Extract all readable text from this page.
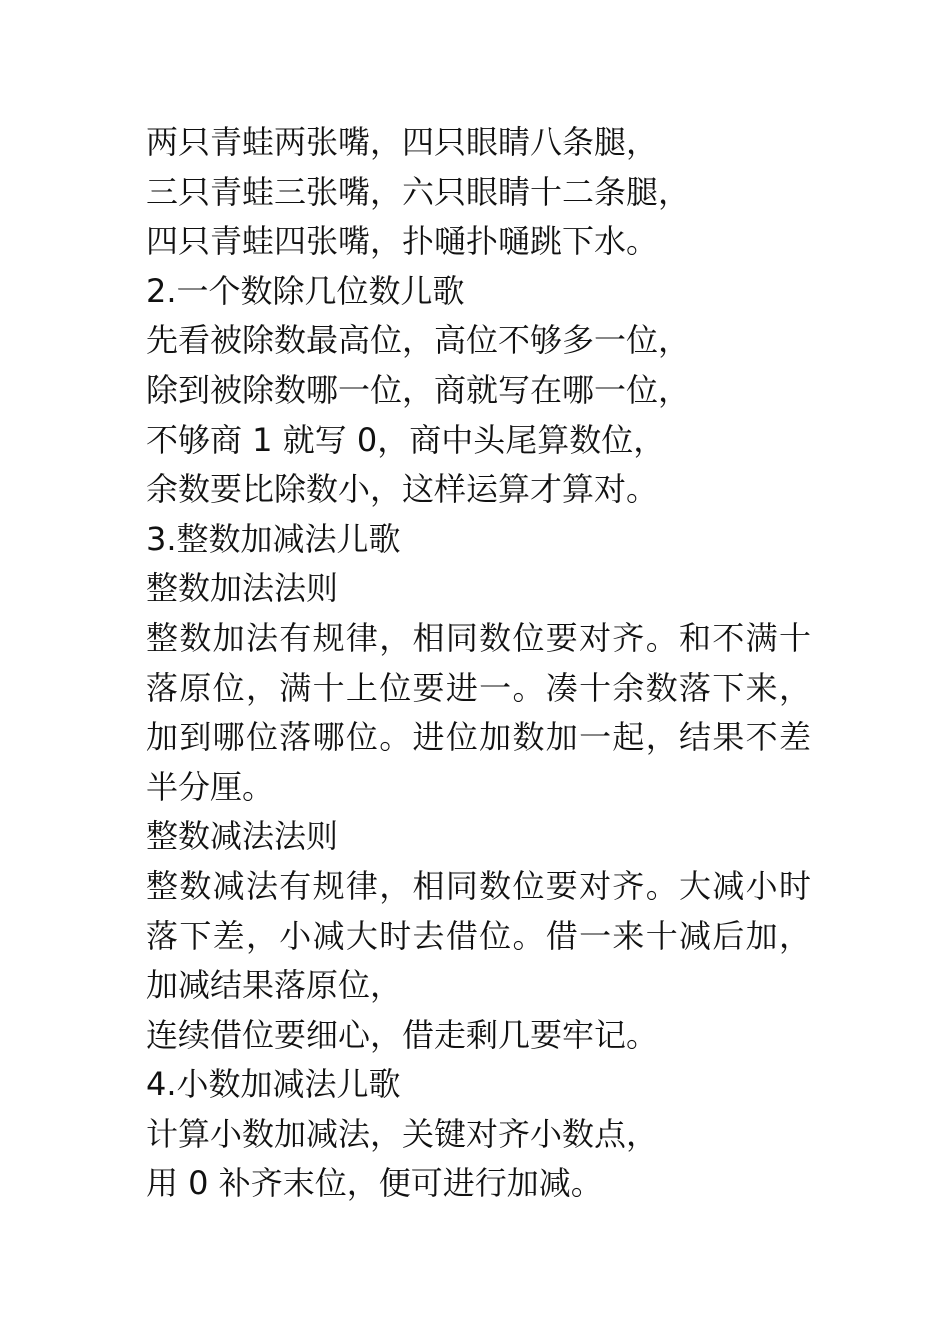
两只青蛙两张嘴，四只眼睛八条腿，
三只青蛙三张嘴，六只眼睛十二条腿，
四只青蛙四张嘴，扑嗵扑嗵跳下水。
2.一个数除几位数儿歌
先看被除数最高位，高位不够多一位，
除到被除数哪一位，商就写在哪一位，
不够商 1 就写 0，商中头尾算数位，
余数要比除数小，这样运算才算对。
3.整数加减法儿歌
整数加法法则
整数加法有规律，相同数位要对齐。和不满十落原位，满十上位要进一。凑十余数落下来，加到哪位落哪位。进位加数加一起，结果不差半分厘。
整数减法法则
整数减法有规律，相同数位要对齐。大减小时落下差，小减大时去借位。借一来十减后加，加减结果落原位，
连续借位要细心，借走剩几要牢记。
4.小数加减法儿歌
计算小数加减法，关键对齐小数点，
用 0 补齐末位，便可进行加减。
